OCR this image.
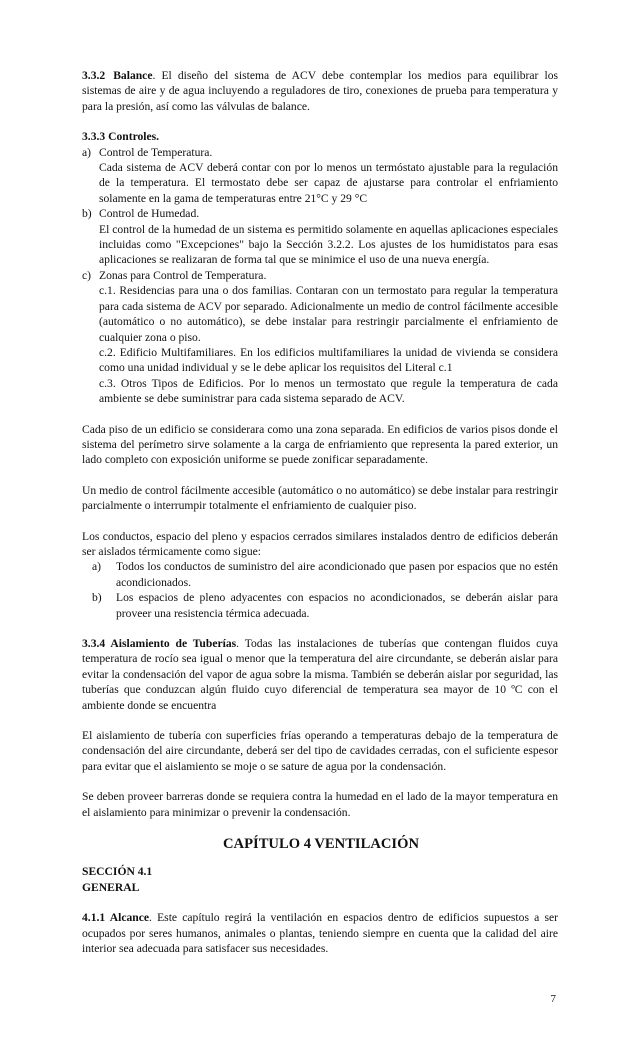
3.3.2 Balance. El diseño del sistema de ACV debe contemplar los medios para equilibrar los sistemas de aire y de agua incluyendo a reguladores de tiro, conexiones de prueba para temperatura y para la presión, así como las válvulas de balance.

3.3.3 Controles.

a) Control de Temperatura.

Cada sistema de ACV deberá contar con por lo menos un termóstato ajustable para la regulación de la temperatura. El termostato debe ser capaz de ajustarse para controlar el enfriamiento solamente en la gama de temperaturas entre 21°C y 29 °C

b) Control de Humedad.

El control de la humedad de un sistema es permitido solamente en aquellas aplicaciones especiales incluidas como "Excepciones" bajo la Sección 3.2.2. Los ajustes de los humidistatos para esas aplicaciones se realizaran de forma tal que se minimice el uso de una nueva energía.

c) Zonas para Control de Temperatura.

c.1. Residencias para una o dos familias. Contaran con un termostato para regular la temperatura para cada sistema de ACV por separado. Adicionalmente un medio de control fácilmente accesible (automático o no automático), se debe instalar para restringir parcialmente el enfriamiento de cualquier zona o piso.

c.2. Edificio Multifamiliares. En los edificios multifamiliares la unidad de vivienda se considera como una unidad individual y se le debe aplicar los requisitos del Literal c.1

c.3. Otros Tipos de Edificios. Por lo menos un termostato que regule la temperatura de cada ambiente se debe suministrar para cada sistema separado de ACV.

Cada piso de un edificio se considerara como una zona separada. En edificios de varios pisos donde el sistema del perímetro sirve solamente a la carga de enfriamiento que representa la pared exterior, un lado completo con exposición uniforme se puede zonificar separadamente.

Un medio de control fácilmente accesible (automático o no automático) se debe instalar para restringir parcialmente o interrumpir totalmente el enfriamiento de cualquier piso.

Los conductos, espacio del pleno y espacios cerrados similares instalados dentro de edificios deberán ser aislados térmicamente como sigue:

a)	Todos los conductos de suministro del aire acondicionado que pasen por espacios que no estén acondicionados.
b)	Los espacios de pleno adyacentes con espacios no acondicionados, se deberán aislar para proveer una resistencia térmica adecuada.

3.3.4 Aislamiento de Tuberías. Todas las instalaciones de tuberías que contengan fluidos cuya temperatura de rocío sea igual o menor que la temperatura del aire circundante, se deberán aislar para evitar la condensación del vapor de agua sobre la misma. También se deberán aislar por seguridad, las tuberías que conduzcan algún fluido cuyo diferencial de temperatura sea mayor de 10 ºC con el ambiente donde se encuentra

El aislamiento de tubería con superficies frías operando a temperaturas debajo de la temperatura de condensación del aire circundante, deberá ser del tipo de cavidades cerradas, con el suficiente espesor para evitar que el aislamiento se moje o se sature de agua por la condensación.

Se deben proveer barreras donde se requiera contra la humedad en el lado de la mayor temperatura en el aislamiento para minimizar o prevenir la condensación.

CAPÍTULO 4 VENTILACIÓN

SECCIÓN 4.1

GENERAL

4.1.1 Alcance. Este capítulo regirá la ventilación en espacios dentro de edificios supuestos a ser ocupados por seres humanos, animales o plantas, teniendo siempre en cuenta que la calidad del aire interior sea adecuada para satisfacer sus necesidades.

7
